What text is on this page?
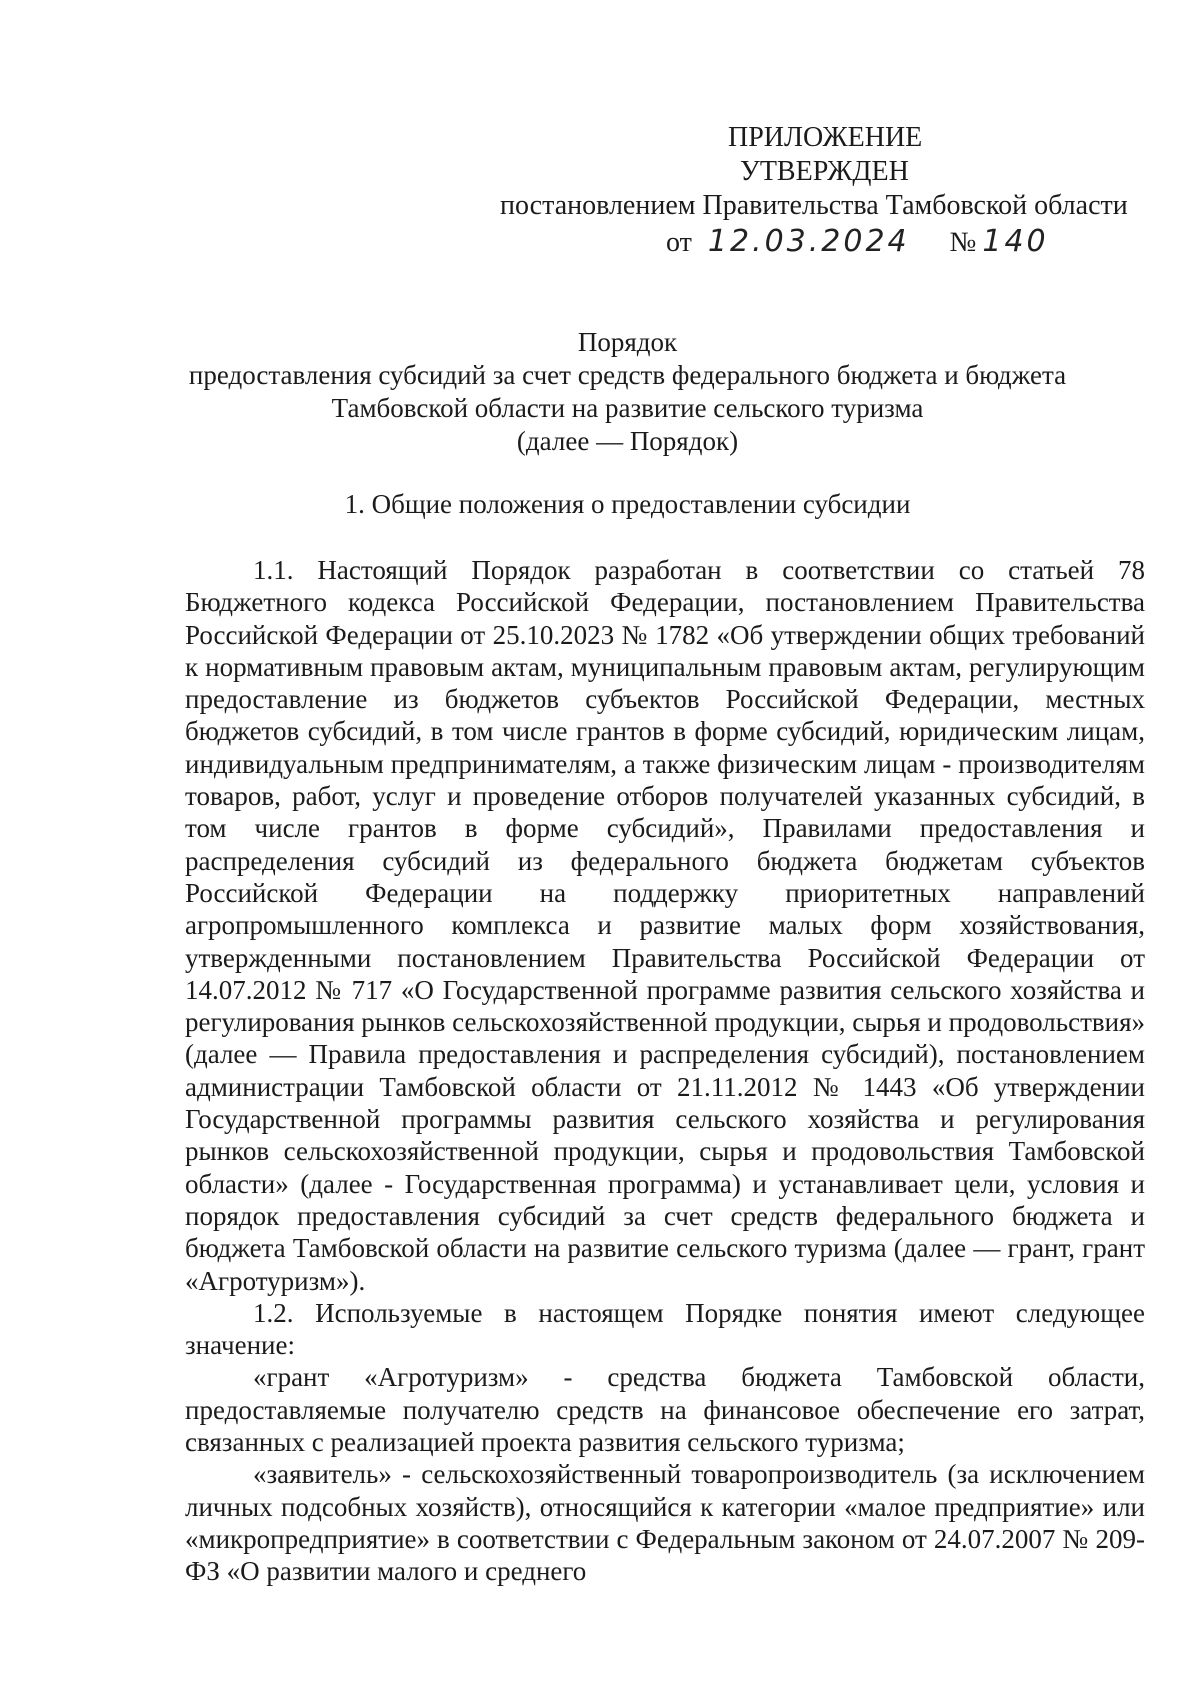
ПРИЛОЖЕНИЕ
УТВЕРЖДЕН
постановлением Правительства Тамбовской области
от 12.03.2024 № 140
Порядок
предоставления субсидий за счет средств федерального бюджета и бюджета
Тамбовской области на развитие сельского туризма
(далее — Порядок)
1. Общие положения о предоставлении субсидии

1.1. Настоящий Порядок разработан в соответствии со статьей 78 Бюджетного кодекса Российской Федерации, постановлением Правительства Российской Федерации от 25.10.2023 № 1782 «Об утверждении общих требований к нормативным правовым актам, муниципальным правовым актам, регулирующим предоставление из бюджетов субъектов Российской Федерации, местных бюджетов субсидий, в том числе грантов в форме субсидий, юридическим лицам, индивидуальным предпринимателям, а также физическим лицам - производителям товаров, работ, услуг и проведение отборов получателей указанных субсидий, в том числе грантов в форме субсидий», Правилами предоставления и распределения субсидий из федерального бюджета бюджетам субъектов Российской Федерации на поддержку приоритетных направлений агропромышленного комплекса и развитие малых форм хозяйствования, утвержденными постановлением Правительства Российской Федерации от 14.07.2012 № 717 «О Государственной программе развития сельского хозяйства и регулирования рынков сельскохозяйственной продукции, сырья и продовольствия» (далее — Правила предоставления и распределения субсидий), постановлением администрации Тамбовской области от 21.11.2012 № 1443 «Об утверждении Государственной программы развития сельского хозяйства и регулирования рынков сельскохозяйственной продукции, сырья и продовольствия Тамбовской области» (далее - Государственная программа) и устанавливает цели, условия и порядок предоставления субсидий за счет средств федерального бюджета и бюджета Тамбовской области на развитие сельского туризма (далее — грант, грант «Агротуризм»).

1.2. Используемые в настоящем Порядке понятия имеют следующее значение:

«грант «Агротуризм» - средства бюджета Тамбовской области, предоставляемые получателю средств на финансовое обеспечение его затрат, связанных с реализацией проекта развития сельского туризма;

«заявитель» - сельскохозяйственный товаропроизводитель (за исключением личных подсобных хозяйств), относящийся к категории «малое предприятие» или «микропредприятие» в соответствии с Федеральным законом от 24.07.2007 № 209-ФЗ «О развитии малого и среднего
